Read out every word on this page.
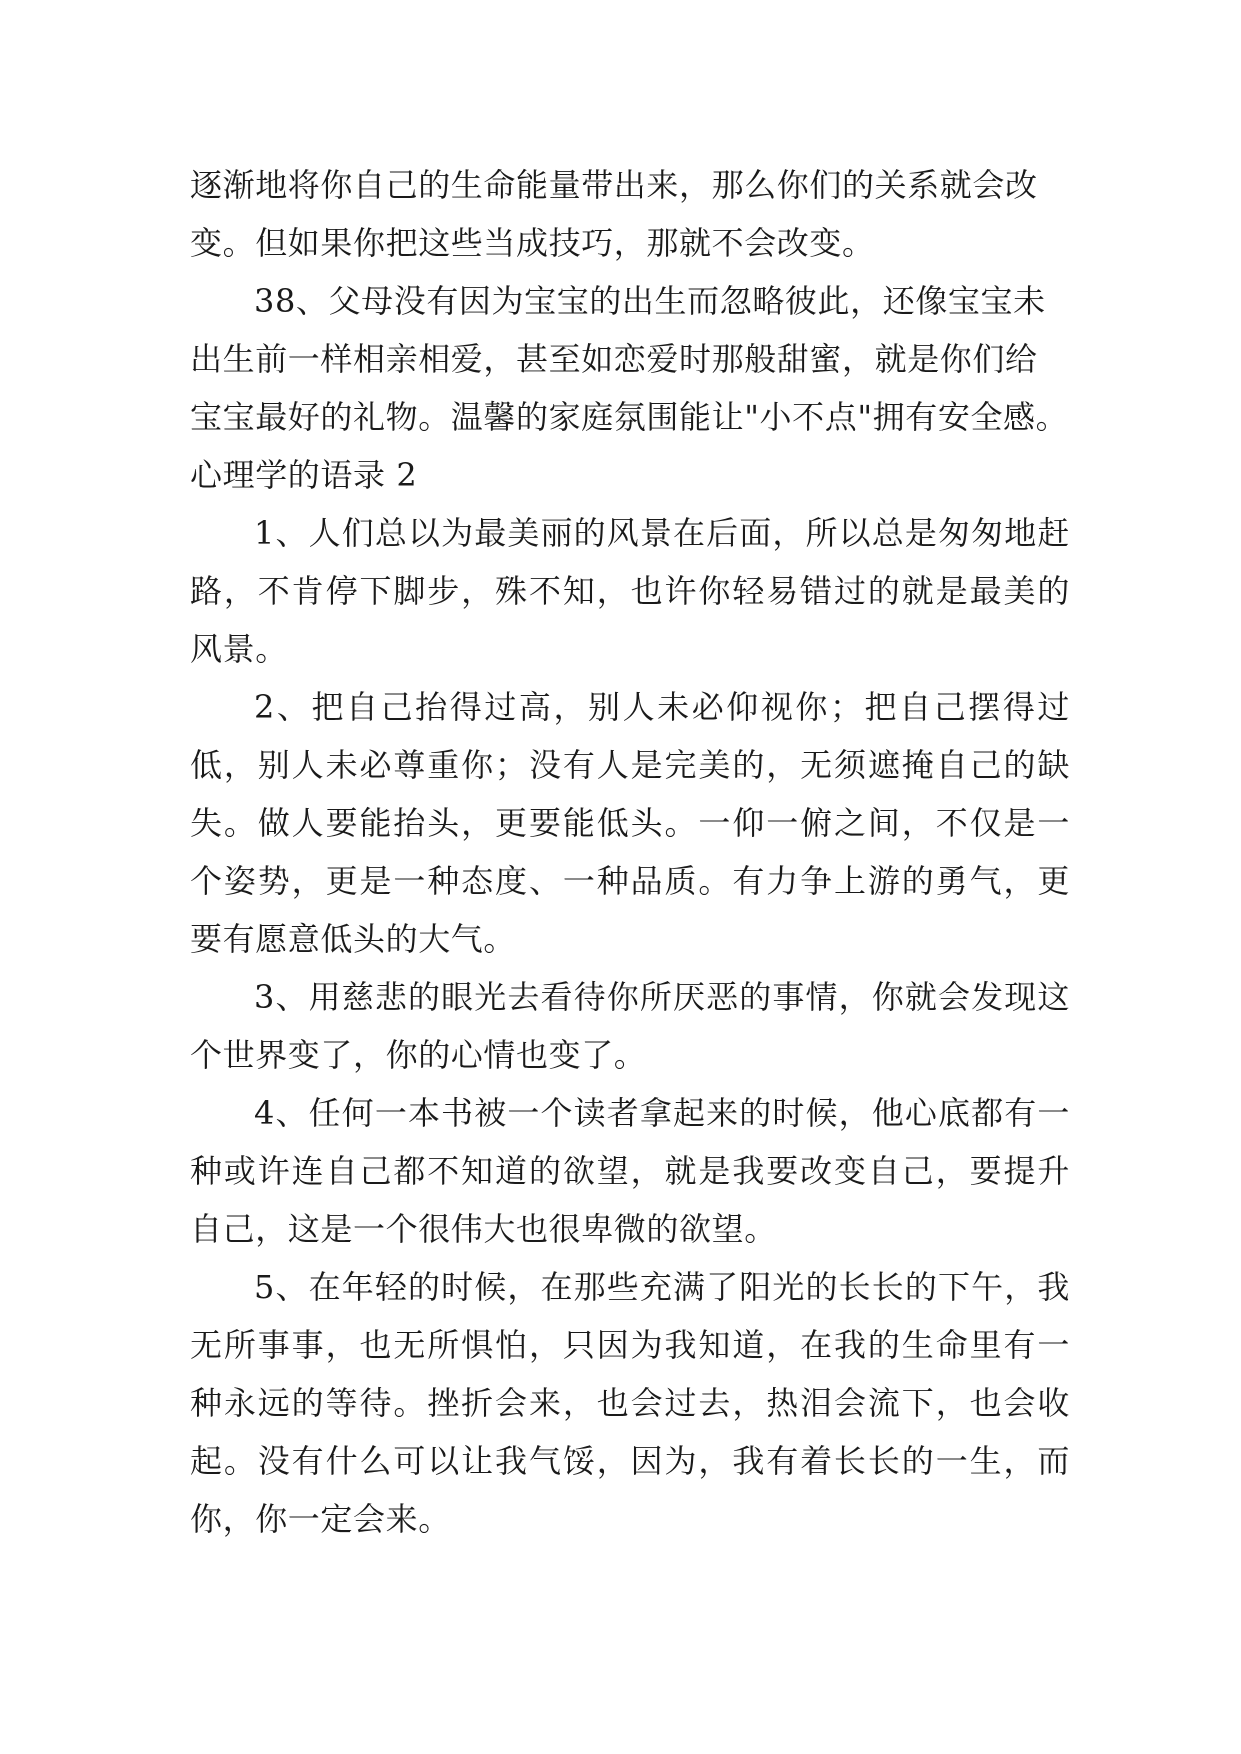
逐渐地将你自己的生命能量带出来，那么你们的关系就会改

变。但如果你把这些当成技巧，那就不会改变。

38、父母没有因为宝宝的出生而忽略彼此，还像宝宝未

出生前一样相亲相爱，甚至如恋爱时那般甜蜜，就是你们给

宝宝最好的礼物。温馨的家庭氛围能让"小不点"拥有安全感。

心理学的语录 2

1、人们总以为最美丽的风景在后面，所以总是匆匆地赶路，不肯停下脚步，殊不知，也许你轻易错过的就是最美的风景。

2、把自己抬得过高，别人未必仰视你；把自己摆得过低，别人未必尊重你；没有人是完美的，无须遮掩自己的缺失。做人要能抬头，更要能低头。一仰一俯之间，不仅是一个姿势，更是一种态度、一种品质。有力争上游的勇气，更要有愿意低头的大气。

3、用慈悲的眼光去看待你所厌恶的事情，你就会发现这个世界变了，你的心情也变了。

4、任何一本书被一个读者拿起来的时候，他心底都有一种或许连自己都不知道的欲望，就是我要改变自己，要提升自己，这是一个很伟大也很卑微的欲望。

5、在年轻的时候，在那些充满了阳光的长长的下午，我无所事事，也无所惧怕，只因为我知道，在我的生命里有一种永远的等待。挫折会来，也会过去，热泪会流下，也会收起。没有什么可以让我气馁，因为，我有着长长的一生，而你，你一定会来。
